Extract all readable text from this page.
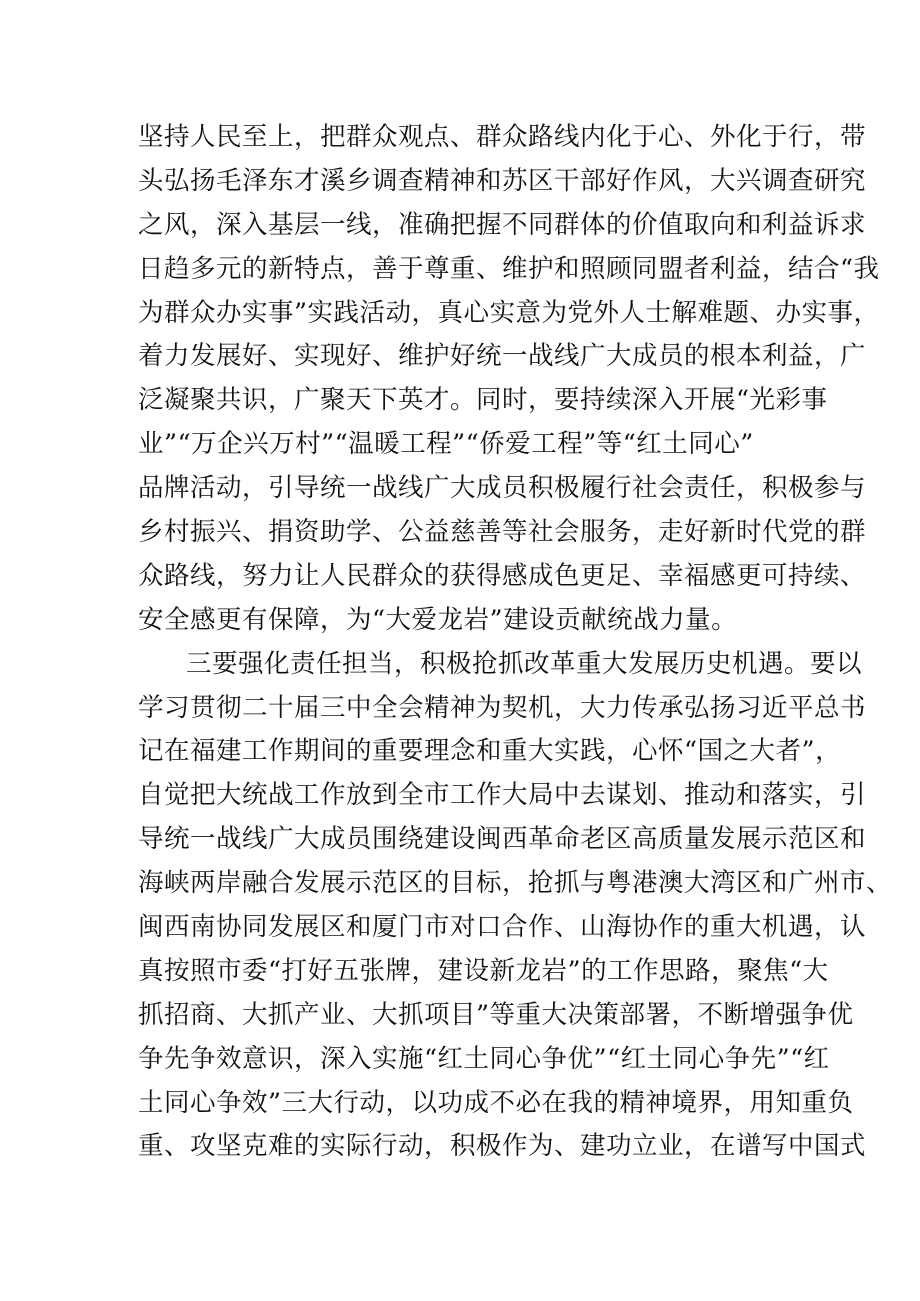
坚持人民至上，把群众观点、群众路线内化于心、外化于行，带
头弘扬毛泽东才溪乡调查精神和苏区干部好作风，大兴调查研究
之风，深入基层一线，准确把握不同群体的价值取向和利益诉求
日趋多元的新特点，善于尊重、维护和照顾同盟者利益，结合“我
为群众办实事”实践活动，真心实意为党外人士解难题、办实事，
着力发展好、实现好、维护好统一战线广大成员的根本利益，广
泛凝聚共识，广聚天下英才。同时，要持续深入开展“光彩事
业”“万企兴万村”“温暖工程”“侨爱工程”等“红土同心”
品牌活动，引导统一战线广大成员积极履行社会责任，积极参与
乡村振兴、捐资助学、公益慈善等社会服务，走好新时代党的群
众路线，努力让人民群众的获得感成色更足、幸福感更可持续、
安全感更有保障，为“大爱龙岩”建设贡献统战力量。
三要强化责任担当，积极抢抓改革重大发展历史机遇。要以
学习贯彻二十届三中全会精神为契机，大力传承弘扬习近平总书
记在福建工作期间的重要理念和重大实践，心怀“国之大者”，
自觉把大统战工作放到全市工作大局中去谋划、推动和落实，引
导统一战线广大成员围绕建设闽西革命老区高质量发展示范区和
海峡两岸融合发展示范区的目标，抢抓与粤港澳大湾区和广州市、
闽西南协同发展区和厦门市对口合作、山海协作的重大机遇，认
真按照市委“打好五张牌，建设新龙岩”的工作思路，聚焦“大
抓招商、大抓产业、大抓项目”等重大决策部署，不断增强争优
争先争效意识，深入实施“红土同心争优”“红土同心争先”“红
土同心争效”三大行动，以功成不必在我的精神境界，用知重负
重、攻坚克难的实际行动，积极作为、建功立业，在谱写中国式
